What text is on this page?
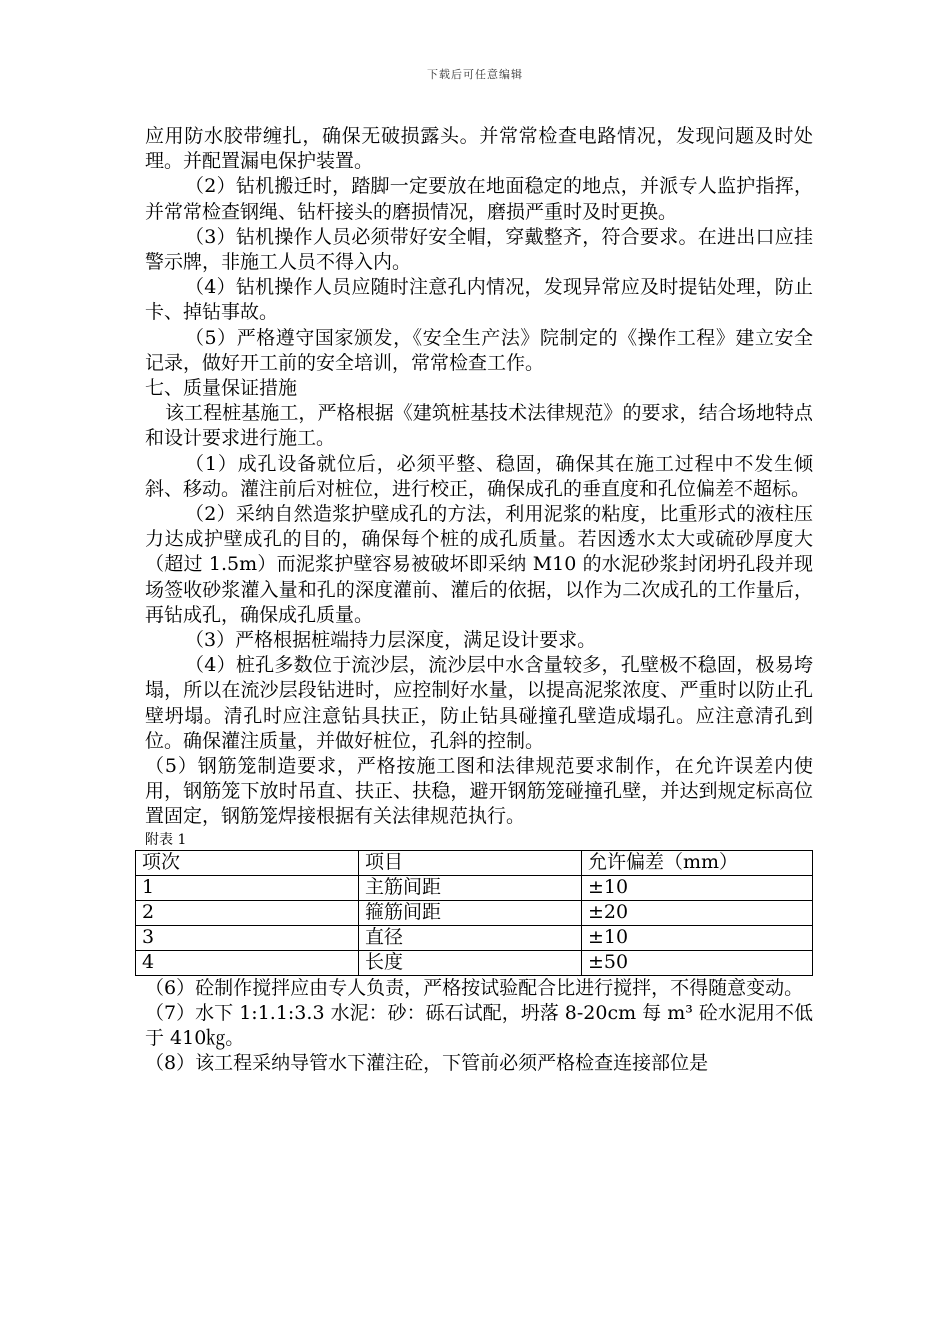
下载后可任意编辑

应用防水胶带缠扎，确保无破损露头。并常常检查电路情况，发现问题及时处理。并配置漏电保护装置。

（2）钻机搬迁时，踏脚一定要放在地面稳定的地点，并派专人监护指挥，并常常检查钢绳、钻杆接头的磨损情况，磨损严重时及时更换。

（3）钻机操作人员必须带好安全帽，穿戴整齐，符合要求。在进出口应挂警示牌，非施工人员不得入内。

（4）钻机操作人员应随时注意孔内情况，发现异常应及时提钻处理，防止卡、掉钻事故。

（5）严格遵守国家颁发，《安全生产法》院制定的《操作工程》建立安全记录，做好开工前的安全培训，常常检查工作。

七、质量保证措施

该工程桩基施工，严格根据《建筑桩基技术法律规范》的要求，结合场地特点和设计要求进行施工。

（1）成孔设备就位后，必须平整、稳固，确保其在施工过程中不发生倾斜、移动。灌注前后对桩位，进行校正，确保成孔的垂直度和孔位偏差不超标。

（2）采纳自然造浆护壁成孔的方法，利用泥浆的粘度，比重形式的液柱压力达成护壁成孔的目的，确保每个桩的成孔质量。若因透水太大或硫砂厚度大（超过 1.5m）而泥浆护壁容易被破坏即采纳 M10 的水泥砂浆封闭坍孔段并现场签收砂浆灌入量和孔的深度灌前、灌后的依据，以作为二次成孔的工作量后，再钻成孔，确保成孔质量。

（3）严格根据桩端持力层深度，满足设计要求。

（4）桩孔多数位于流沙层，流沙层中水含量较多，孔壁极不稳固，极易垮塌，所以在流沙层段钻进时，应控制好水量，以提高泥浆浓度、严重时以防止孔壁坍塌。清孔时应注意钻具扶正，防止钻具碰撞孔壁造成塌孔。应注意清孔到位。确保灌注质量，并做好桩位，孔斜的控制。

（5）钢筋笼制造要求，严格按施工图和法律规范要求制作，在允许误差内使用，钢筋笼下放时吊直、扶正、扶稳，避开钢筋笼碰撞孔壁，并达到规定标高位置固定，钢筋笼焊接根据有关法律规范执行。

附表 1
项次	项目	允许偏差（mm）
1	主筋间距	±10
2	箍筋间距	±20
3	直径	±10
4	长度	±50

（6）砼制作搅拌应由专人负责，严格按试验配合比进行搅拌，不得随意变动。

（7）水下 1:1.1:3.3 水泥：砂：砾石试配，坍落 8-20cm 每 m³ 砼水泥用不低于 410㎏。

（8）该工程采纳导管水下灌注砼，下管前必须严格检查连接部位是
